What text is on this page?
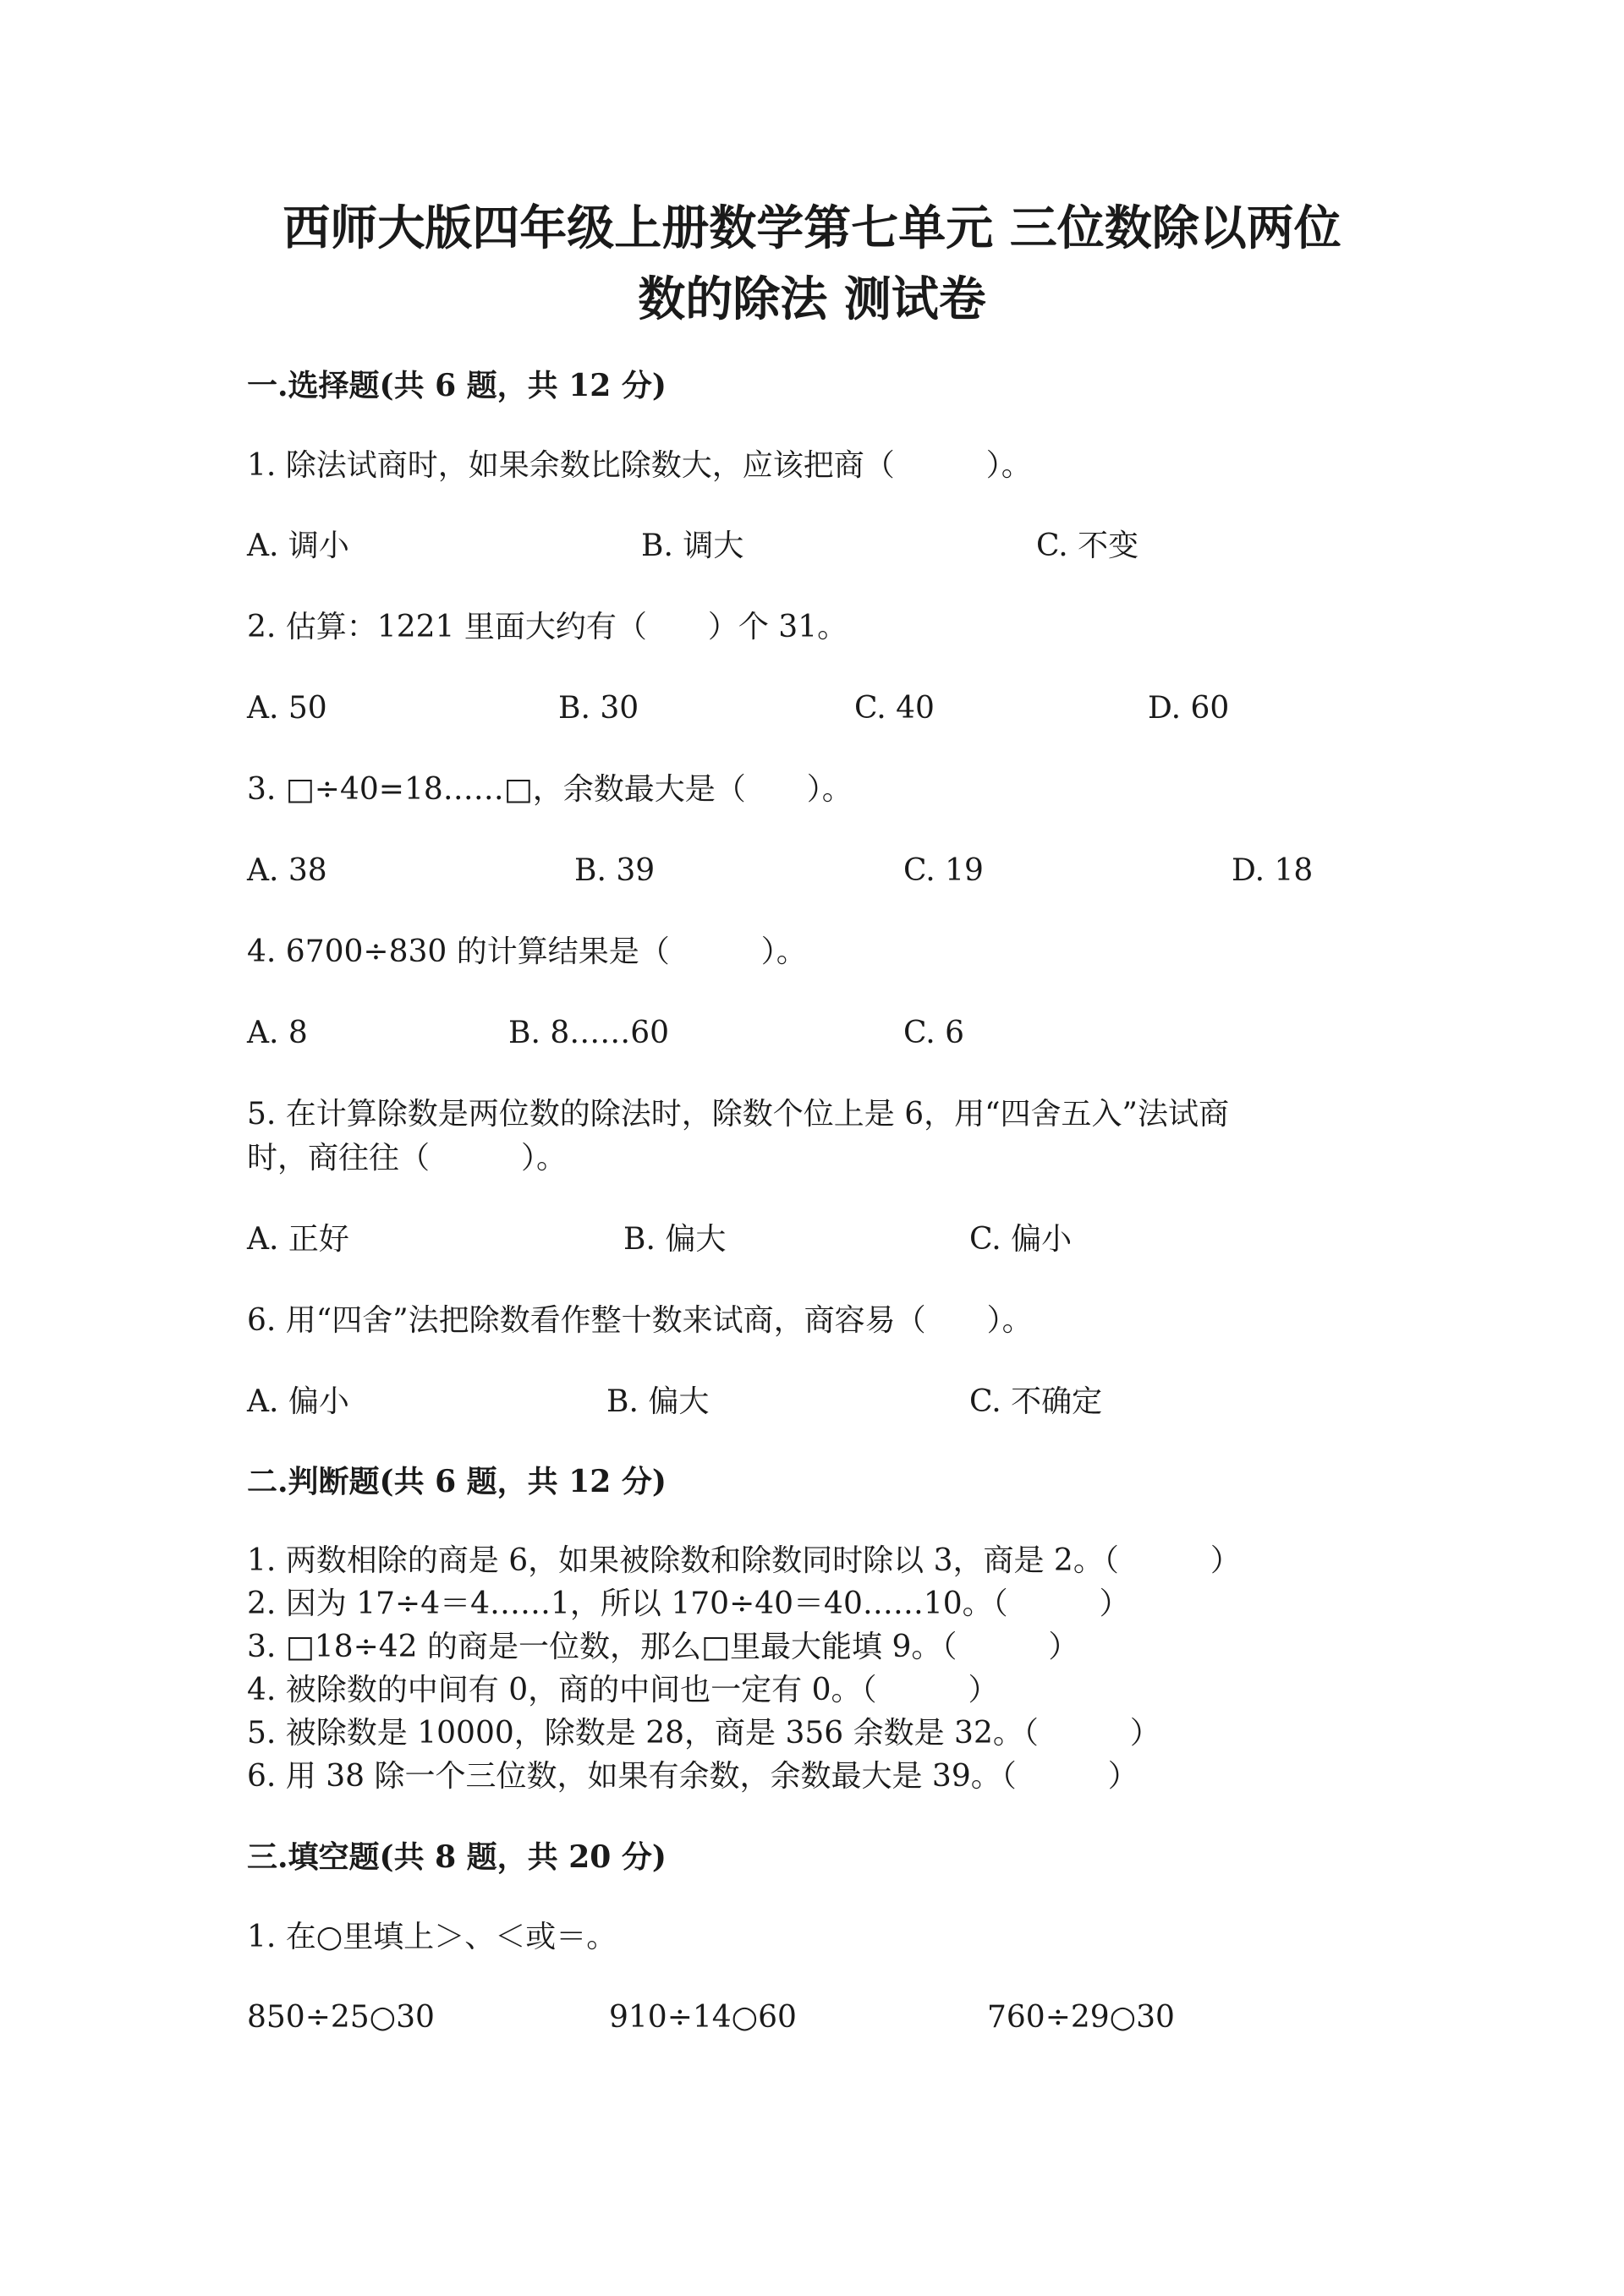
西师大版四年级上册数学第七单元 三位数除以两位
数的除法 测试卷
一.选择题(共 6 题，共 12 分)
1. 除法试商时，如果余数比除数大，应该把商（　　　）。
A. 调小	B. 调大	C. 不变
2. 估算：1221 里面大约有（　　）个 31。
A. 50	B. 30	C. 40	D. 60
3. □÷40=18……□，余数最大是（　　）。
A. 38	B. 39	C. 19	D. 18
4. 6700÷830 的计算结果是（　　　）。
A. 8	B. 8……60	C. 6
5. 在计算除数是两位数的除法时，除数个位上是 6，用“四舍五入”法试商
时，商往往（　　　）。
A. 正好	B. 偏大	C. 偏小
6. 用“四舍”法把除数看作整十数来试商，商容易（　　）。
A. 偏小	B. 偏大	C. 不确定
二.判断题(共 6 题，共 12 分)
1. 两数相除的商是 6，如果被除数和除数同时除以 3，商是 2。（　　　）
2. 因为 17÷4＝4……1，所以 170÷40＝40……10。（　　　）
3. □18÷42 的商是一位数，那么□里最大能填 9。（　　　）
4. 被除数的中间有 0，商的中间也一定有 0。（　　　）
5. 被除数是 10000，除数是 28，商是 356 余数是 32。（　　　）
6. 用 38 除一个三位数，如果有余数，余数最大是 39。（　　　）
三.填空题(共 8 题，共 20 分)
1. 在○里填上＞、＜或＝。
850÷25○30	910÷14○60	760÷29○30
